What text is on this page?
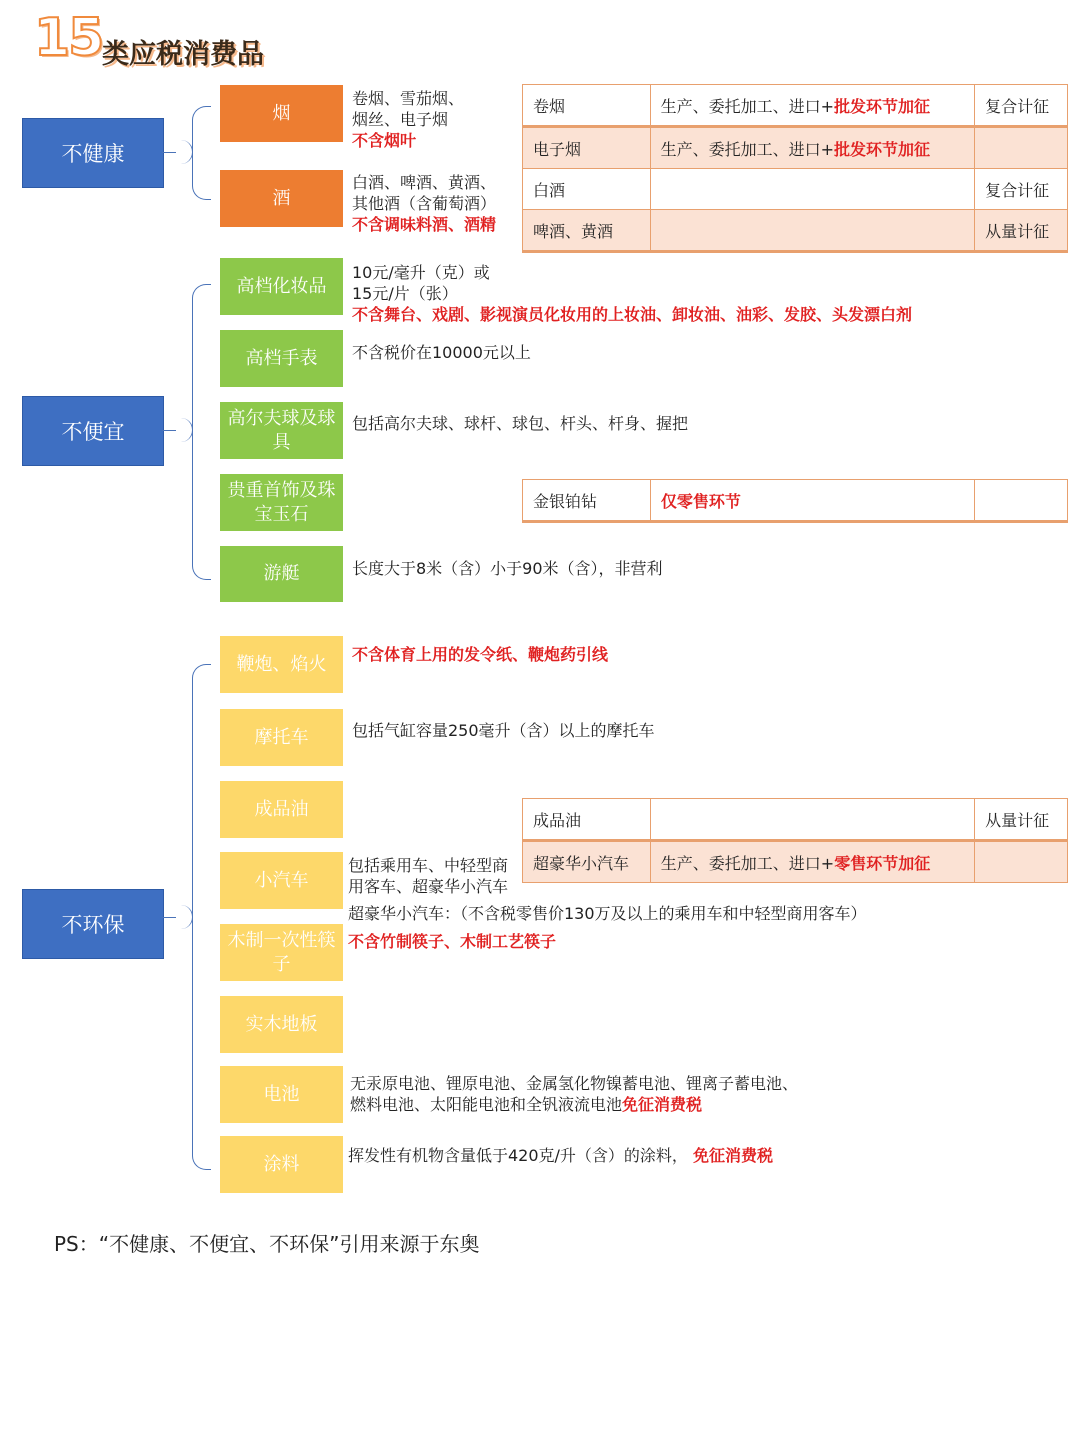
15 类应税消费品
不健康
不便宜
不环保
烟
酒
高档化妆品
高档手表
高尔夫球及球具
贵重首饰及珠宝玉石
游艇
鞭炮、焰火
摩托车
成品油
小汽车
木制一次性筷子
实木地板
电池
涂料
卷烟、雪茄烟、
烟丝、电子烟
不含烟叶
白酒、啤酒、黄酒、
其他酒（含葡萄酒）
不含调味料酒、酒精
10元/毫升（克）或
15元/片（张）
不含舞台、戏剧、影视演员化妆用的上妆油、卸妆油、油彩、发胶、头发漂白剂
不含税价在10000元以上
包括高尔夫球、球杆、球包、杆头、杆身、握把
长度大于8米（含）小于90米（含），非营利
不含体育上用的发令纸、鞭炮药引线
包括气缸容量250毫升（含）以上的摩托车
包括乘用车、中轻型商
用客车、超豪华小汽车
超豪华小汽车：（不含税零售价130万及以上的乘用车和中轻型商用客车）
不含竹制筷子、木制工艺筷子
无汞原电池、锂原电池、金属氢化物镍蓄电池、锂离子蓄电池、
燃料电池、太阳能电池和全钒液流电池免征消费税
挥发性有机物含量低于420克/升（含）的涂料， 免征消费税
卷烟	生产、委托加工、进口+批发环节加征	复合计征
电子烟	生产、委托加工、进口+批发环节加征	
白酒		复合计征
啤酒、黄酒		从量计征
金银铂钻	仅零售环节	
成品油		从量计征
超豪华小汽车	生产、委托加工、进口+零售环节加征	
PS：“不健康、不便宜、不环保”引用来源于东奥
